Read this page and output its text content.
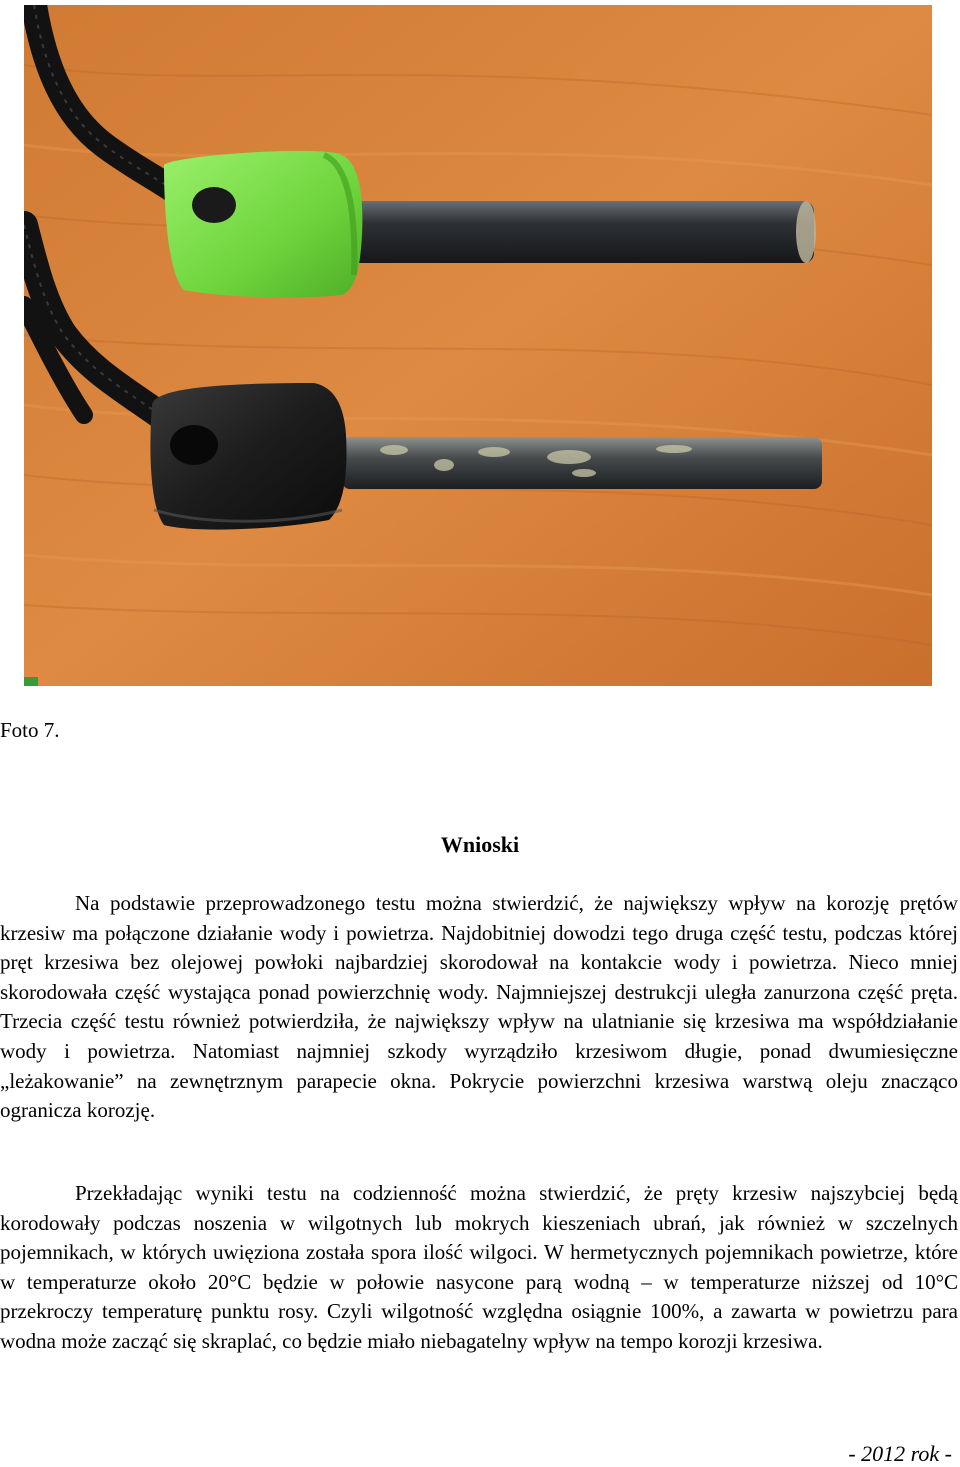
Foto 7.
Wnioski

Na podstawie przeprowadzonego testu można stwierdzić, że największy wpływ na korozję prętów krzesiw ma połączone działanie wody i powietrza. Najdobitniej dowodzi tego druga część testu, podczas której pręt krzesiwa bez olejowej powłoki najbardziej skorodował na kontakcie wody i powietrza. Nieco mniej skorodowała część wystająca ponad powierzchnię wody. Najmniejszej destrukcji uległa zanurzona część pręta. Trzecia część testu również potwierdziła, że największy wpływ na ulatnianie się krzesiwa ma współdziałanie wody i powietrza. Natomiast najmniej szkody wyrządziło krzesiwom długie, ponad dwumiesięczne „leżakowanie” na zewnętrznym parapecie okna. Pokrycie powierzchni krzesiwa warstwą oleju znacząco ogranicza korozję.

Przekładając wyniki testu na codzienność można stwierdzić, że pręty krzesiw najszybciej będą korodowały podczas noszenia w wilgotnych lub mokrych kieszeniach ubrań, jak również w szczelnych pojemnikach, w których uwięziona została spora ilość wilgoci. W hermetycznych pojemnikach powietrze, które w temperaturze około 20°C będzie w połowie nasycone parą wodną – w temperaturze niższej od 10°C przekroczy temperaturę punktu rosy. Czyli wilgotność względna osiągnie 100%, a zawarta w powietrzu para wodna może zacząć się skraplać, co będzie miało niebagatelny wpływ na tempo korozji krzesiwa.

- 2012 rok -
